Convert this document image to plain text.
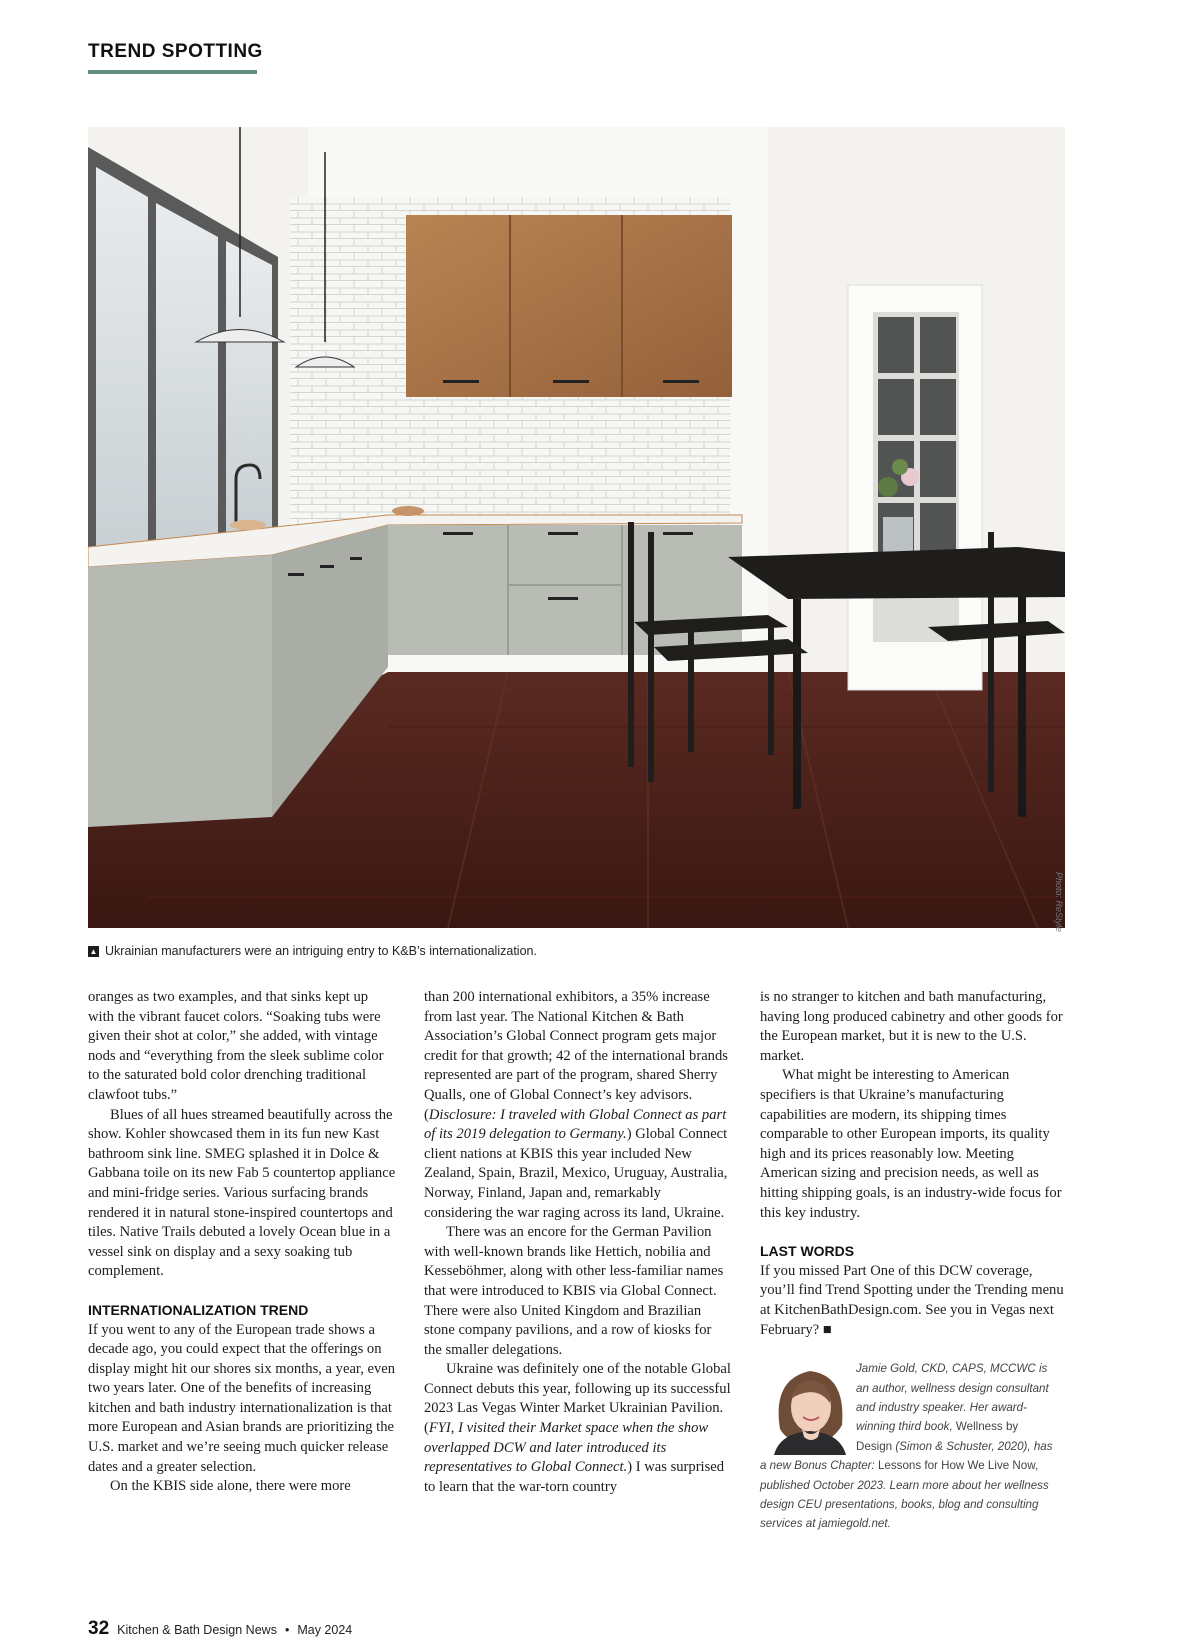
TREND SPOTTING
Photo: ReStyle
▲ Ukrainian manufacturers were an intriguing entry to K&B’s internationalization.

oranges as two examples, and that sinks kept up with the vibrant faucet colors. “Soaking tubs were given their shot at color,” she added, with vintage nods and “everything from the sleek sublime color to the saturated bold color drenching traditional clawfoot tubs.”

Blues of all hues streamed beautifully across the show. Kohler showcased them in its fun new Kast bathroom sink line. SMEG splashed it in Dolce & Gabbana toile on its new Fab 5 countertop appliance and mini-fridge series. Various surfacing brands rendered it in natural stone-inspired countertops and tiles. Native Trails debuted a lovely Ocean blue in a vessel sink on display and a sexy soaking tub complement.

INTERNATIONALIZATION TREND

If you went to any of the European trade shows a decade ago, you could expect that the offerings on display might hit our shores six months, a year, even two years later. One of the benefits of increasing kitchen and bath industry internationalization is that more European and Asian brands are prioritizing the U.S. market and we’re seeing much quicker release dates and a greater selection.

On the KBIS side alone, there were more

than 200 international exhibitors, a 35% increase from last year. The National Kitchen & Bath Association’s Global Connect program gets major credit for that growth; 42 of the international brands represented are part of the program, shared Sherry Qualls, one of Global Connect’s key advisors. (Disclosure: I traveled with Global Connect as part of its 2019 delegation to Germany.) Global Connect client nations at KBIS this year included New Zealand, Spain, Brazil, Mexico, Uruguay, Australia, Norway, Finland, Japan and, remarkably considering the war raging across its land, Ukraine.

There was an encore for the German Pavilion with well-known brands like Hettich, nobilia and Kesseböhmer, along with other less-familiar names that were introduced to KBIS via Global Connect. There were also United Kingdom and Brazilian stone company pavilions, and a row of kiosks for the smaller delegations.

Ukraine was definitely one of the notable Global Connect debuts this year, following up its successful 2023 Las Vegas Winter Market Ukrainian Pavilion. (FYI, I visited their Market space when the show overlapped DCW and later introduced its representatives to Global Connect.) I was surprised to learn that the war-torn country

is no stranger to kitchen and bath manufacturing, having long produced cabinetry and other goods for the European market, but it is new to the U.S. market.

What might be interesting to American specifiers is that Ukraine’s manufacturing capabilities are modern, its shipping times comparable to other European imports, its quality high and its prices reasonably low. Meeting American sizing and precision needs, as well as hitting shipping goals, is an industry-wide focus for this key industry.

LAST WORDS

If you missed Part One of this DCW coverage, you’ll find Trend Spotting under the Trending menu at KitchenBathDesign.com. See you in Vegas next February? ■

Jamie Gold, CKD, CAPS, MCCWC is
an author, wellness design consultant
and industry speaker. Her award-
winning third book, Wellness by
Design (Simon & Schuster, 2020), has
a new Bonus Chapter: Lessons for How We Live Now,
published October 2023. Learn more about her wellness
design CEU presentations, books, blog and consulting
services at jamiegold.net.
32 Kitchen & Bath Design News • May 2024
